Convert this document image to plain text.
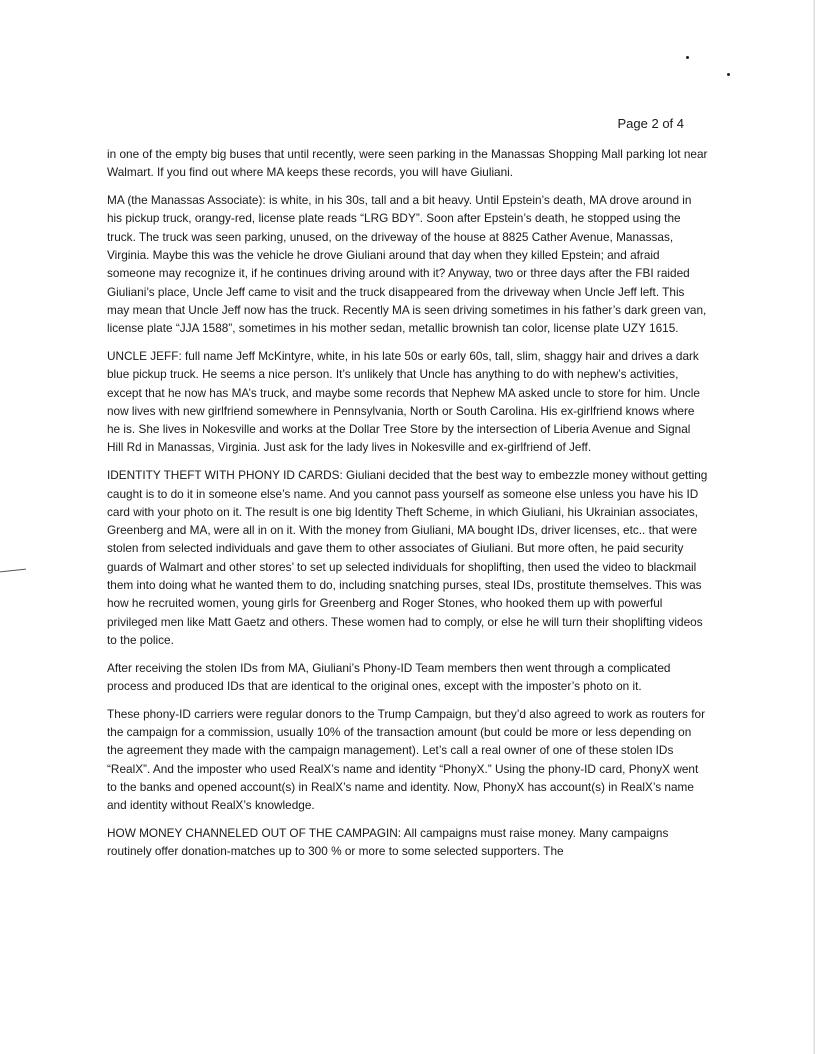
Page 2 of 4

in one of the empty big buses that until recently, were seen parking in the Manassas Shopping Mall parking lot near Walmart. If you find out where MA keeps these records, you will have Giuliani.

MA (the Manassas Associate): is white, in his 30s, tall and a bit heavy. Until Epstein’s death, MA drove around in his pickup truck, orangy-red, license plate reads “LRG BDY”. Soon after Epstein’s death, he stopped using the truck. The truck was seen parking, unused, on the driveway of the house at 8825 Cather Avenue, Manassas, Virginia. Maybe this was the vehicle he drove Giuliani around that day when they killed Epstein; and afraid someone may recognize it, if he continues driving around with it? Anyway, two or three days after the FBI raided Giuliani’s place, Uncle Jeff came to visit and the truck disappeared from the driveway when Uncle Jeff left. This may mean that Uncle Jeff now has the truck. Recently MA is seen driving sometimes in his father’s dark green van, license plate “JJA 1588”, sometimes in his mother sedan, metallic brownish tan color, license plate UZY 1615.

UNCLE JEFF: full name Jeff McKintyre, white, in his late 50s or early 60s, tall, slim, shaggy hair and drives a dark blue pickup truck. He seems a nice person. It’s unlikely that Uncle has anything to do with nephew’s activities, except that he now has MA’s truck, and maybe some records that Nephew MA asked uncle to store for him. Uncle now lives with new girlfriend somewhere in Pennsylvania, North or South Carolina. His ex-girlfriend knows where he is. She lives in Nokesville and works at the Dollar Tree Store by the intersection of Liberia Avenue and Signal Hill Rd in Manassas, Virginia. Just ask for the lady lives in Nokesville and ex-girlfriend of Jeff.

IDENTITY THEFT WITH PHONY ID CARDS: Giuliani decided that the best way to embezzle money without getting caught is to do it in someone else’s name. And you cannot pass yourself as someone else unless you have his ID card with your photo on it. The result is one big Identity Theft Scheme, in which Giuliani, his Ukrainian associates, Greenberg and MA, were all in on it. With the money from Giuliani, MA bought IDs, driver licenses, etc.. that were stolen from selected individuals and gave them to other associates of Giuliani. But more often, he paid security guards of Walmart and other stores’ to set up selected individuals for shoplifting, then used the video to blackmail them into doing what he wanted them to do, including snatching purses, steal IDs, prostitute themselves. This was how he recruited women, young girls for Greenberg and Roger Stones, who hooked them up with powerful privileged men like Matt Gaetz and others. These women had to comply, or else he will turn their shoplifting videos to the police.

After receiving the stolen IDs from MA, Giuliani’s Phony-ID Team members then went through a complicated process and produced IDs that are identical to the original ones, except with the imposter’s photo on it.

These phony-ID carriers were regular donors to the Trump Campaign, but they’d also agreed to work as routers for the campaign for a commission, usually 10% of the transaction amount (but could be more or less depending on the agreement they made with the campaign management). Let’s call a real owner of one of these stolen IDs “RealX”. And the imposter who used RealX’s name and identity “PhonyX.” Using the phony-ID card, PhonyX went to the banks and opened account(s) in RealX’s name and identity. Now, PhonyX has account(s) in RealX’s name and identity without RealX’s knowledge.

HOW MONEY CHANNELED OUT OF THE CAMPAGIN: All campaigns must raise money. Many campaigns routinely offer donation-matches up to 300 % or more to some selected supporters. The
